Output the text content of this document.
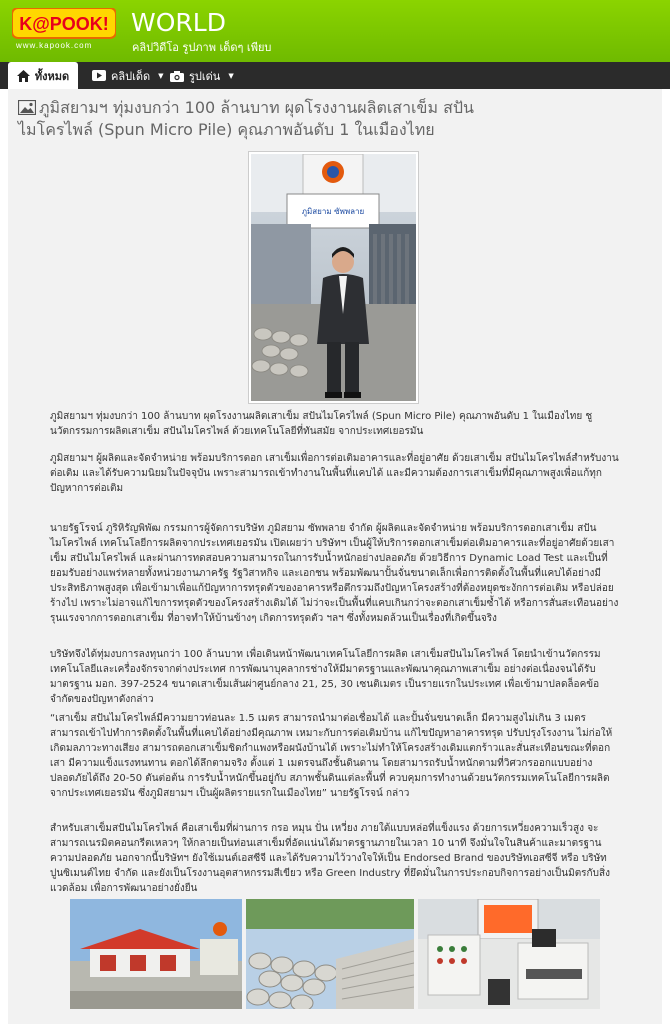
K@POOK!
www.kapook.com
WORLD
คลิปวิดีโอ รูปภาพ เด็ดๆ เพียบ
ทั้งหมด	คลิปเด็ด ▼ รูปเด่น ▼
ภูมิสยามฯ ทุ่มงบกว่า 100 ล้านบาท ผุดโรงงานผลิตเสาเข็ม สปันไมโครไพล์ (Spun Micro Pile) คุณภาพอันดับ 1 ในเมืองไทย
ภูมิสยาม ซัพพลาย

ภูมิสยามฯ ทุ่มงบกว่า 100 ล้านบาท ผุดโรงงานผลิตเสาเข็ม สปันไมโครไพล์ (Spun Micro Pile) คุณภาพอันดับ 1 ในเมืองไทย ชูนวัตกรรมการผลิตเสาเข็ม สปันไมโครไพล์ ด้วยเทคโนโลยีที่ทันสมัย จากประเทศเยอรมัน

ภูมิสยามฯ ผู้ผลิตและจัดจำหน่าย พร้อมบริการตอก เสาเข็มเพื่อการต่อเติมอาคารและที่อยู่อาศัย ด้วยเสาเข็ม สปันไมโครไพล์สำหรับงานต่อเติม และได้รับความนิยมในปัจจุบัน เพราะสามารถเข้าทำงานในพื้นที่แคบได้ และมีความต้องการเสาเข็มที่มีคุณภาพสูงเพื่อแก้ทุกปัญหาการต่อเติม

นายรัฐโรจน์ ภูริหิรัญพิพัฒ กรรมการผู้จัดการบริษัท ภูมิสยาม ซัพพลาย จำกัด ผู้ผลิตและจัดจำหน่าย พร้อมบริการตอกเสาเข็ม สปันไมโครไพล์ เทคโนโลยีการผลิตจากประเทศเยอรมัน เปิดเผยว่า บริษัทฯ เป็นผู้ให้บริการตอกเสาเข็มต่อเติมอาคารและที่อยู่อาศัยด้วยเสาเข็ม สปันไมโครไพล์ และผ่านการทดสอบความสามารถในการรับน้ำหนักอย่างปลอดภัย ด้วยวิธีการ Dynamic Load Test และเป็นที่ยอมรับอย่างแพร่หลายทั้งหน่วยงานภาครัฐ รัฐวิสาหกิจ และเอกชน พร้อมพัฒนาปั้นจั่นขนาดเล็กเพื่อการติดตั้งในพื้นที่แคบได้อย่างมีประสิทธิภาพสูงสุด เพื่อเข้ามาเพื่อแก้ปัญหาการทรุดตัวของอาคารหรือตึกรวมถึงปัญหาโครงสร้างที่ต้องหยุดชะงักการต่อเติม หรือปล่อยร้างไป เพราะไม่อาจแก้ไขการทรุดตัวของโครงสร้างเดิมได้ ไม่ว่าจะเป็นพื้นที่แคบเกินกว่าจะตอกเสาเข็มซ้ำได้ หรือการสั่นสะเทือนอย่างรุนแรงจากการตอกเสาเข็ม ที่อาจทำให้บ้านข้างๆ เกิดการทรุดตัว ฯลฯ ซึ่งทั้งหมดล้วนเป็นเรื่องที่เกิดขึ้นจริง

บริษัทจึงได้ทุ่มงบการลงทุนกว่า 100 ล้านบาท เพื่อเดินหน้าพัฒนาเทคโนโลยีการผลิต เสาเข็มสปันไมโครไพล์ โดยนำเข้านวัตกรรมเทคโนโลยีและเครื่องจักรจากต่างประเทศ การพัฒนาบุคลากรช่างให้มีมาตรฐานและพัฒนาคุณภาพเสาเข็ม อย่างต่อเนื่องจนได้รับมาตรฐาน มอก. 397-2524 ขนาดเสาเข็มเส้นผ่าศูนย์กลาง 21, 25, 30 เซนติเมตร เป็นรายแรกในประเทศ เพื่อเข้ามาปลดล็อคข้อจำกัดของปัญหาดังกล่าว

“เสาเข็ม สปันไมโครไพล์มีความยาวท่อนละ 1.5 เมตร สามารถนำมาต่อเชื่อมได้ และปั้นจั่นขนาดเล็ก มีความสูงไม่เกิน 3 เมตร สามารถเข้าไปทำการติดตั้งในพื้นที่แคบได้อย่างมีคุณภาพ เหมาะกับการต่อเติมบ้าน แก้ไขปัญหาอาคารทรุด ปรับปรุงโรงงาน ไม่ก่อให้เกิดมลภาวะทางเสียง สามารถตอกเสาเข็มชิดกำแพงหรือผนังบ้านได้ เพราะไม่ทำให้โครงสร้างเดิมแตกร้าวและสั่นสะเทือนขณะที่ตอกเสา มีความแข็งแรงทนทาน ตอกได้ลึกตามจริง ตั้งแต่ 1 เมตรจนถึงชั้นดินดาน โดยสามารถรับน้ำหนักตามที่วิศวกรออกแบบอย่างปลอดภัยได้ถึง 20-50 ตันต่อต้น การรับน้ำหนักขึ้นอยู่กับ สภาพชั้นดินแต่ละพื้นที่ ควบคุมการทำงานด้วยนวัตกรรมเทคโนโลยีการผลิตจากประเทศเยอรมัน ซึ่งภูมิสยามฯ เป็นผู้ผลิตรายแรกในเมืองไทย” นายรัฐโรจน์ กล่าว

สำหรับเสาเข็มสปันไมโครไพล์ คือเสาเข็มที่ผ่านการ กรอ หมุน ปั่น เหวี่ยง ภายใต้แบบหล่อที่แข็งแรง ด้วยการเหวี่ยงความเร็วสูง จะสามารถเนรมิตคอนกรีตเหลวๆ ให้กลายเป็นท่อนเสาเข็มที่อัดแน่นได้มาตรฐานภายในเวลา 10 นาที จึงมั่นใจในสินค้าและมาตรฐานความปลอดภัย นอกจากนี้บริษัทฯ ยังใช้เมนต์เอสซีจี และได้รับความไว้วางใจให้เป็น Endorsed Brand ของบริษัทเอสซีจี หรือ บริษัท ปูนซิเมนต์ไทย จำกัด และยังเป็นโรงงานอุตสาหกรรมสีเขียว หรือ Green Industry ที่ยึดมั่นในการประกอบกิจการอย่างเป็นมิตรกับสิ่งแวดล้อม เพื่อการพัฒนาอย่างยั่งยืน
